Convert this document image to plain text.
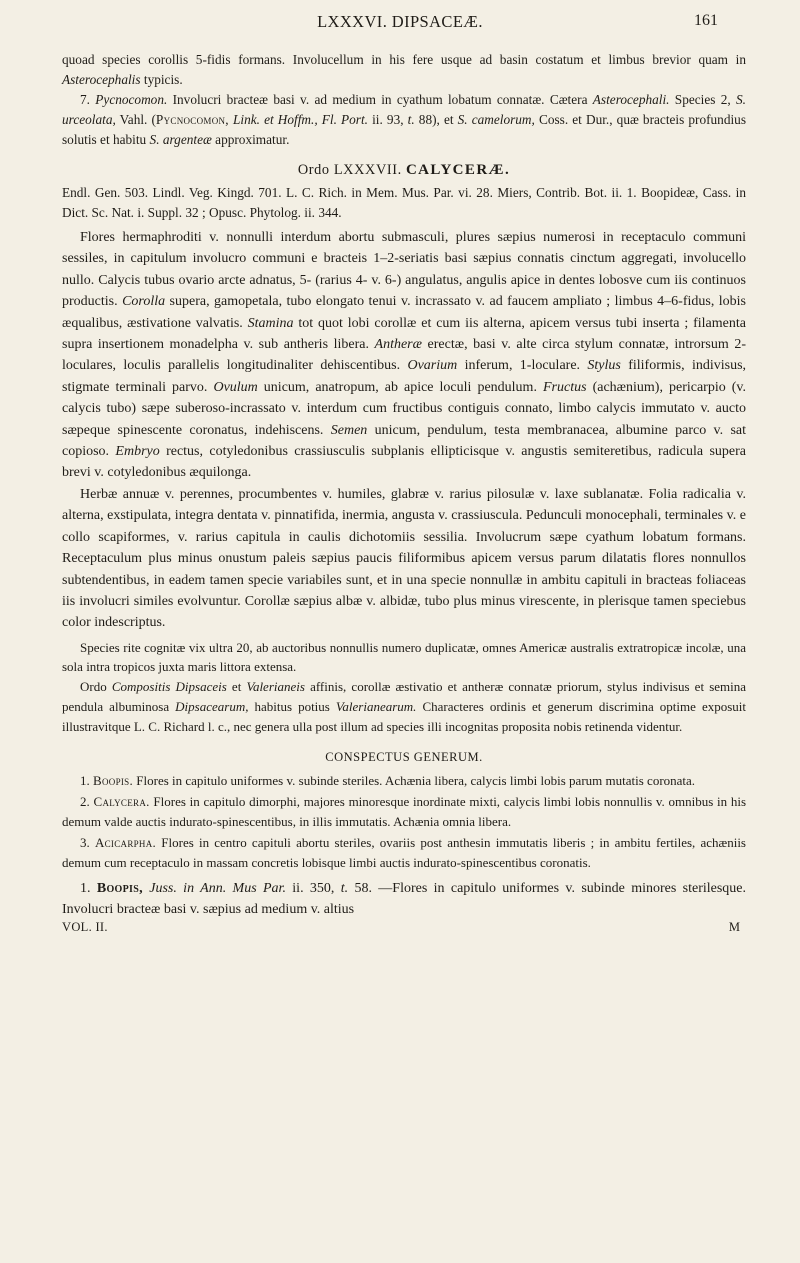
LXXXVI. DIPSACEÆ.	161

quoad species corollis 5-fidis formans. Involucellum in his fere usque ad basin costatum et limbus brevior quam in Asterocephalis typicis.

7. Pycnocomon. Involucri bracteæ basi v. ad medium in cyathum lobatum connatæ. Cætera Asterocephali. Species 2, S. urceolata, Vahl. (Pycnocomon, Link. et Hoffm., Fl. Port. ii. 93, t. 88), et S. camelorum, Coss. et Dur., quæ bracteis profundius solutis et habitu S. argenteæ approximatur.

Ordo LXXXVII. CALYCERÆ.

Endl. Gen. 503. Lindl. Veg. Kingd. 701. L. C. Rich. in Mem. Mus. Par. vi. 28. Miers, Contrib. Bot. ii. 1. Boopideæ, Cass. in Dict. Sc. Nat. i. Suppl. 32 ; Opusc. Phytolog. ii. 344.

Flores hermaphroditi v. nonnulli interdum abortu submasculi, plures sæpius numerosi in receptaculo communi sessiles, in capitulum involucro communi e bracteis 1–2-seriatis basi sæpius connatis cinctum aggregati, involucello nullo. Calycis tubus ovario arcte adnatus, 5- (rarius 4- v. 6-) angulatus, angulis apice in dentes lobosve cum iis continuos productis. Corolla supera, gamopetala, tubo elongato tenui v. incrassato v. ad faucem ampliato ; limbus 4–6-fidus, lobis æqualibus, æstivatione valvatis. Stamina tot quot lobi corollæ et cum iis alterna, apicem versus tubi inserta ; filamenta supra insertionem monadelpha v. sub antheris libera. Antheræ erectæ, basi v. alte circa stylum connatæ, introrsum 2-loculares, loculis parallelis longitudinaliter dehiscentibus. Ovarium inferum, 1-loculare. Stylus filiformis, indivisus, stigmate terminali parvo. Ovulum unicum, anatropum, ab apice loculi pendulum. Fructus (achænium), pericarpio (v. calycis tubo) sæpe suberoso-incrassato v. interdum cum fructibus contiguis connato, limbo calycis immutato v. aucto sæpeque spinescente coronatus, indehiscens. Semen unicum, pendulum, testa membranacea, albumine parco v. sat copioso. Embryo rectus, cotyledonibus crassiusculis subplanis ellipticisque v. angustis semiteretibus, radicula supera brevi v. cotyledonibus æquilonga.

Herbæ annuæ v. perennes, procumbentes v. humiles, glabræ v. rarius pilosulæ v. laxe sublanatæ. Folia radicalia v. alterna, exstipulata, integra dentata v. pinnatifida, inermia, angusta v. crassiuscula. Pedunculi monocephali, terminales v. e collo scapiformes, v. rarius capitula in caulis dichotomiis sessilia. Involucrum sæpe cyathum lobatum formans. Receptaculum plus minus onustum paleis sæpius paucis filiformibus apicem versus parum dilatatis flores nonnullos subtendentibus, in eadem tamen specie variabiles sunt, et in una specie nonnullæ in ambitu capituli in bracteas foliaceas iis involucri similes evolvuntur. Corollæ sæpius albæ v. albidæ, tubo plus minus virescente, in plerisque tamen speciebus color indescriptus.

Species rite cognitæ vix ultra 20, ab auctoribus nonnullis numero duplicatæ, omnes Americæ australis extratropicæ incolæ, una sola intra tropicos juxta maris littora extensa.

Ordo Compositis Dipsaceis et Valerianeis affinis, corollæ æstivatio et antheræ connatæ priorum, stylus indivisus et semina pendula albuminosa Dipsacearum, habitus potius Valerianearum. Characteres ordinis et generum discrimina optime exposuit illustravitque L. C. Richard l. c., nec genera ulla post illum ad species illi incognitas proposita nobis retinenda videntur.

CONSPECTUS GENERUM.

1. Boopis. Flores in capitulo uniformes v. subinde steriles. Achænia libera, calycis limbi lobis parum mutatis coronata.

2. Calycera. Flores in capitulo dimorphi, majores minoresque inordinate mixti, calycis limbi lobis nonnullis v. omnibus in his demum valde auctis indurato-spinescentibus, in illis immutatis. Achænia omnia libera.

3. Acicarpha. Flores in centro capituli abortu steriles, ovariis post anthesin immutatis liberis ; in ambitu fertiles, achæniis demum cum receptaculo in massam concretis lobisque limbi auctis indurato-spinescentibus coronatis.

1. Boopis, Juss. in Ann. Mus Par. ii. 350, t. 58. —Flores in capitulo uniformes v. subinde minores sterilesque. Involucri bracteæ basi v. sæpius ad medium v. altius

VOL. II.	M
